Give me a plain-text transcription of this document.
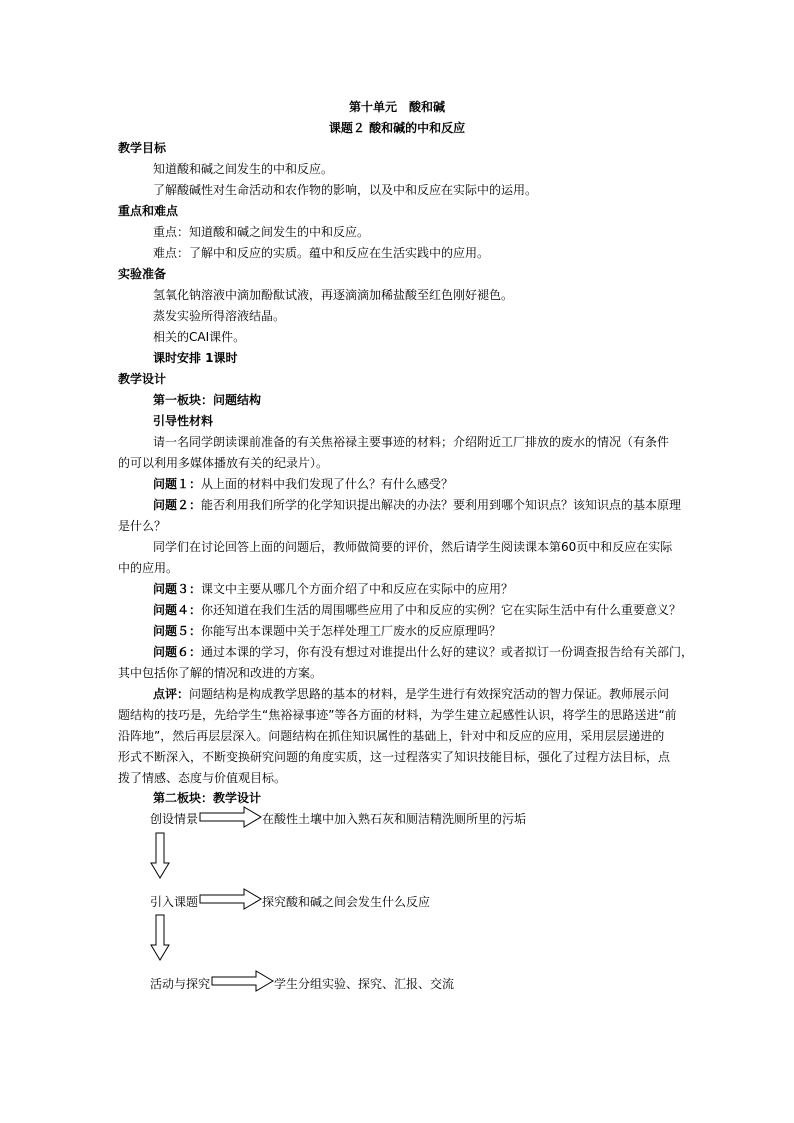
第十单元　酸和碱
课题２ 酸和碱的中和反应
教学目标
知道酸和碱之间发生的中和反应。
了解酸碱性对生命活动和农作物的影响，以及中和反应在实际中的运用。
重点和难点
重点：知道酸和碱之间发生的中和反应。
难点：了解中和反应的实质。蕴中和反应在生活实践中的应用。
实验准备
氢氧化钠溶液中滴加酚酞试液，再逐滴滴加稀盐酸至红色刚好褪色。
蒸发实验所得溶液结晶。
相关的CAI课件。
课时安排 1课时
教学设计
第一板块：问题结构
引导性材料
请一名同学朗读课前准备的有关焦裕禄主要事迹的材料；介绍附近工厂排放的废水的情况（有条件
的可以利用多媒体播放有关的纪录片）。
问题１：从上面的材料中我们发现了什么？有什么感受？
问题２：能否利用我们所学的化学知识提出解决的办法？要利用到哪个知识点？该知识点的基本原理
是什么？
同学们在讨论回答上面的问题后，教师做简要的评价，然后请学生阅读课本第60页中和反应在实际
中的应用。
问题３：课文中主要从哪几个方面介绍了中和反应在实际中的应用？
问题４：你还知道在我们生活的周围哪些应用了中和反应的实例？它在实际生活中有什么重要意义？
问题５：你能写出本课题中关于怎样处理工厂废水的反应原理吗？
问题６：通过本课的学习，你有没有想过对谁提出什么好的建议？或者拟订一份调查报告给有关部门，
其中包括你了解的情况和改进的方案。
点评：问题结构是构成教学思路的基本的材料，是学生进行有效探究活动的智力保证。教师展示问
题结构的技巧是，先给学生“焦裕禄事迹”等各方面的材料，为学生建立起感性认识，将学生的思路送进“前
沿阵地”，然后再层层深入。问题结构在抓住知识属性的基础上，针对中和反应的应用，采用层层递进的
形式不断深入，不断变换研究问题的角度实质，这一过程落实了知识技能目标，强化了过程方法目标，点
拨了情感、态度与价值观目标。
第二板块：教学设计
创设情景	在酸性土壤中加入熟石灰和厕洁精洗厕所里的污垢
引入课题	探究酸和碱之间会发生什么反应
活动与探究	学生分组实验、探究、汇报、交流
